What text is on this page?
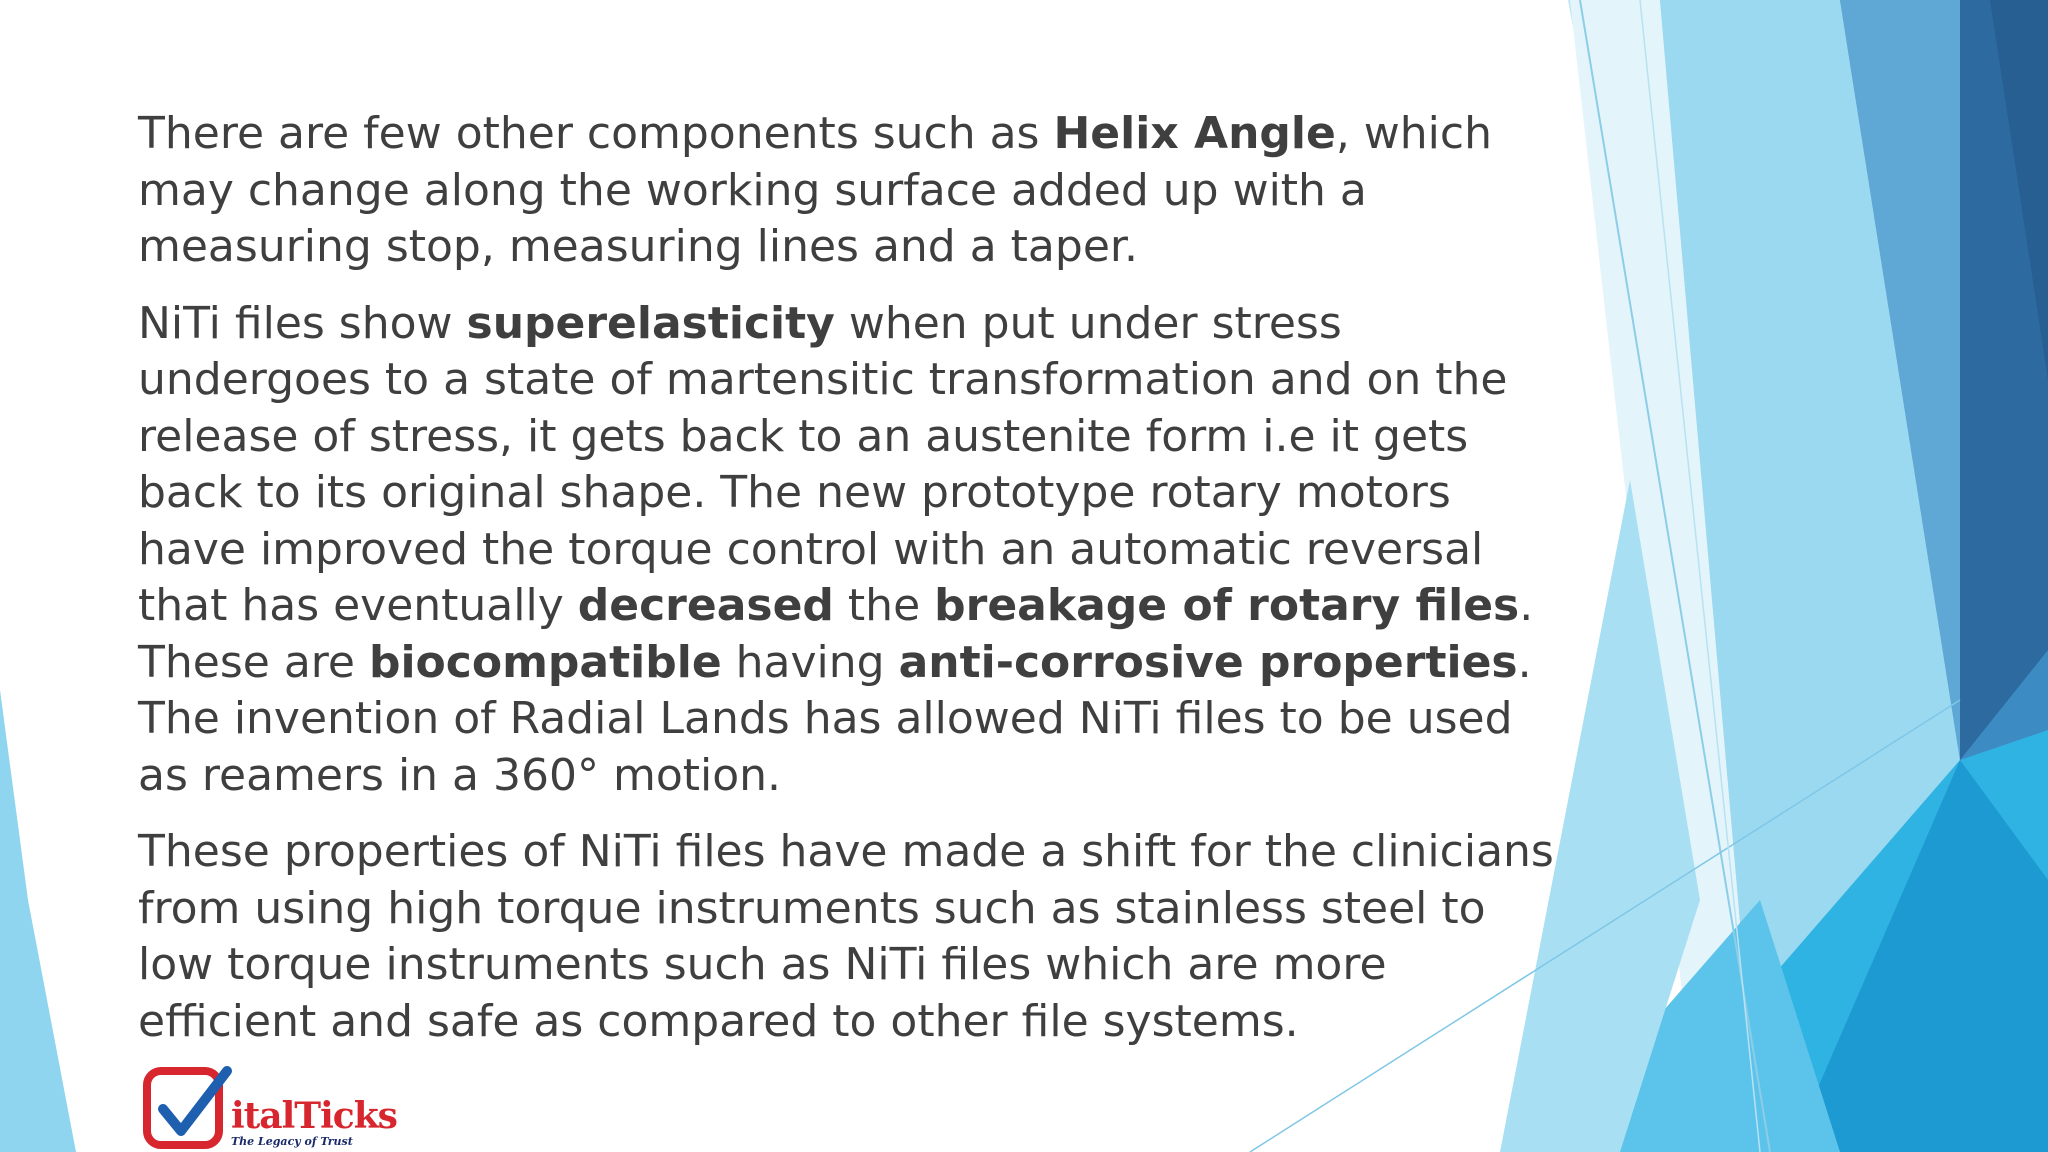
There are few other components such as Helix Angle, which may change along the working surface added up with a measuring stop, measuring lines and a taper.

NiTi files show superelasticity when put under stress undergoes to a state of martensitic transformation and on the release of stress, it gets back to an austenite form i.e it gets back to its original shape. The new prototype rotary motors have improved the torque control with an automatic reversal that has eventually decreased the breakage of rotary files. These are biocompatible having anti-corrosive properties. The invention of Radial Lands has allowed NiTi files to be used as reamers in a 360° motion.

These properties of NiTi files have made a shift for the clinicians from using high torque instruments such as stainless steel to low torque instruments such as NiTi files which are more efficient and safe as compared to other file systems.

italTicks
The Legacy of Trust
